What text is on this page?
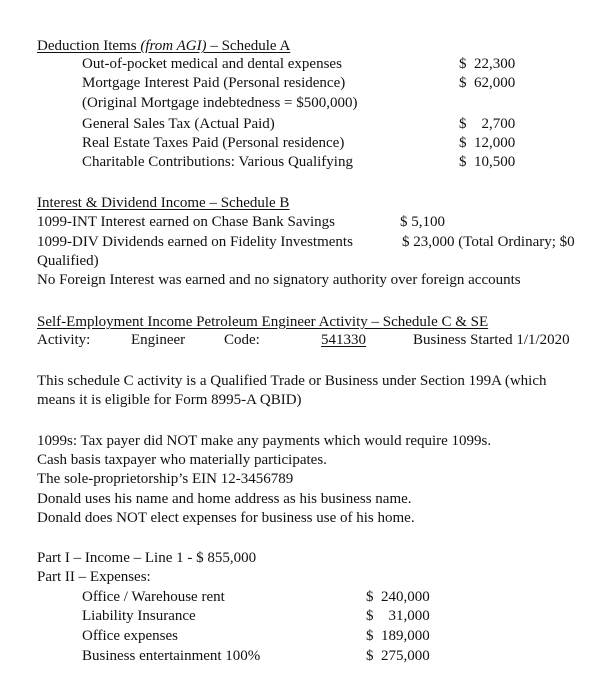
Deduction Items (from AGI) – Schedule A
Out-of-pocket medical and dental expenses	$  22,300
Mortgage Interest Paid (Personal residence)	$  62,000
(Original Mortgage indebtedness = $500,000)
General Sales Tax (Actual Paid)	$    2,700
Real Estate Taxes Paid (Personal residence)	$  12,000
Charitable Contributions: Various Qualifying	$  10,500
Interest & Dividend Income – Schedule B
1099-INT Interest earned on Chase Bank Savings	$ 5,100
1099-DIV Dividends earned on Fidelity Investments	$ 23,000 (Total Ordinary; $0
Qualified)
No Foreign Interest was earned and no signatory authority over foreign accounts
Self-Employment Income Petroleum Engineer Activity – Schedule C & SE
Activity:	Engineer	Code:	541330	Business Started 1/1/2020
This schedule C activity is a Qualified Trade or Business under Section 199A (which
means it is eligible for Form 8995-A QBID)
1099s: Tax payer did NOT make any payments which would require 1099s.
Cash basis taxpayer who materially participates.
The sole-proprietorship’s EIN 12-3456789
Donald uses his name and home address as his business name.
Donald does NOT elect expenses for business use of his home.
Part I – Income – Line 1 - $ 855,000
Part II – Expenses:
Office / Warehouse rent	$  240,000
Liability Insurance	$    31,000
Office expenses	$  189,000
Business entertainment 100%	$  275,000
